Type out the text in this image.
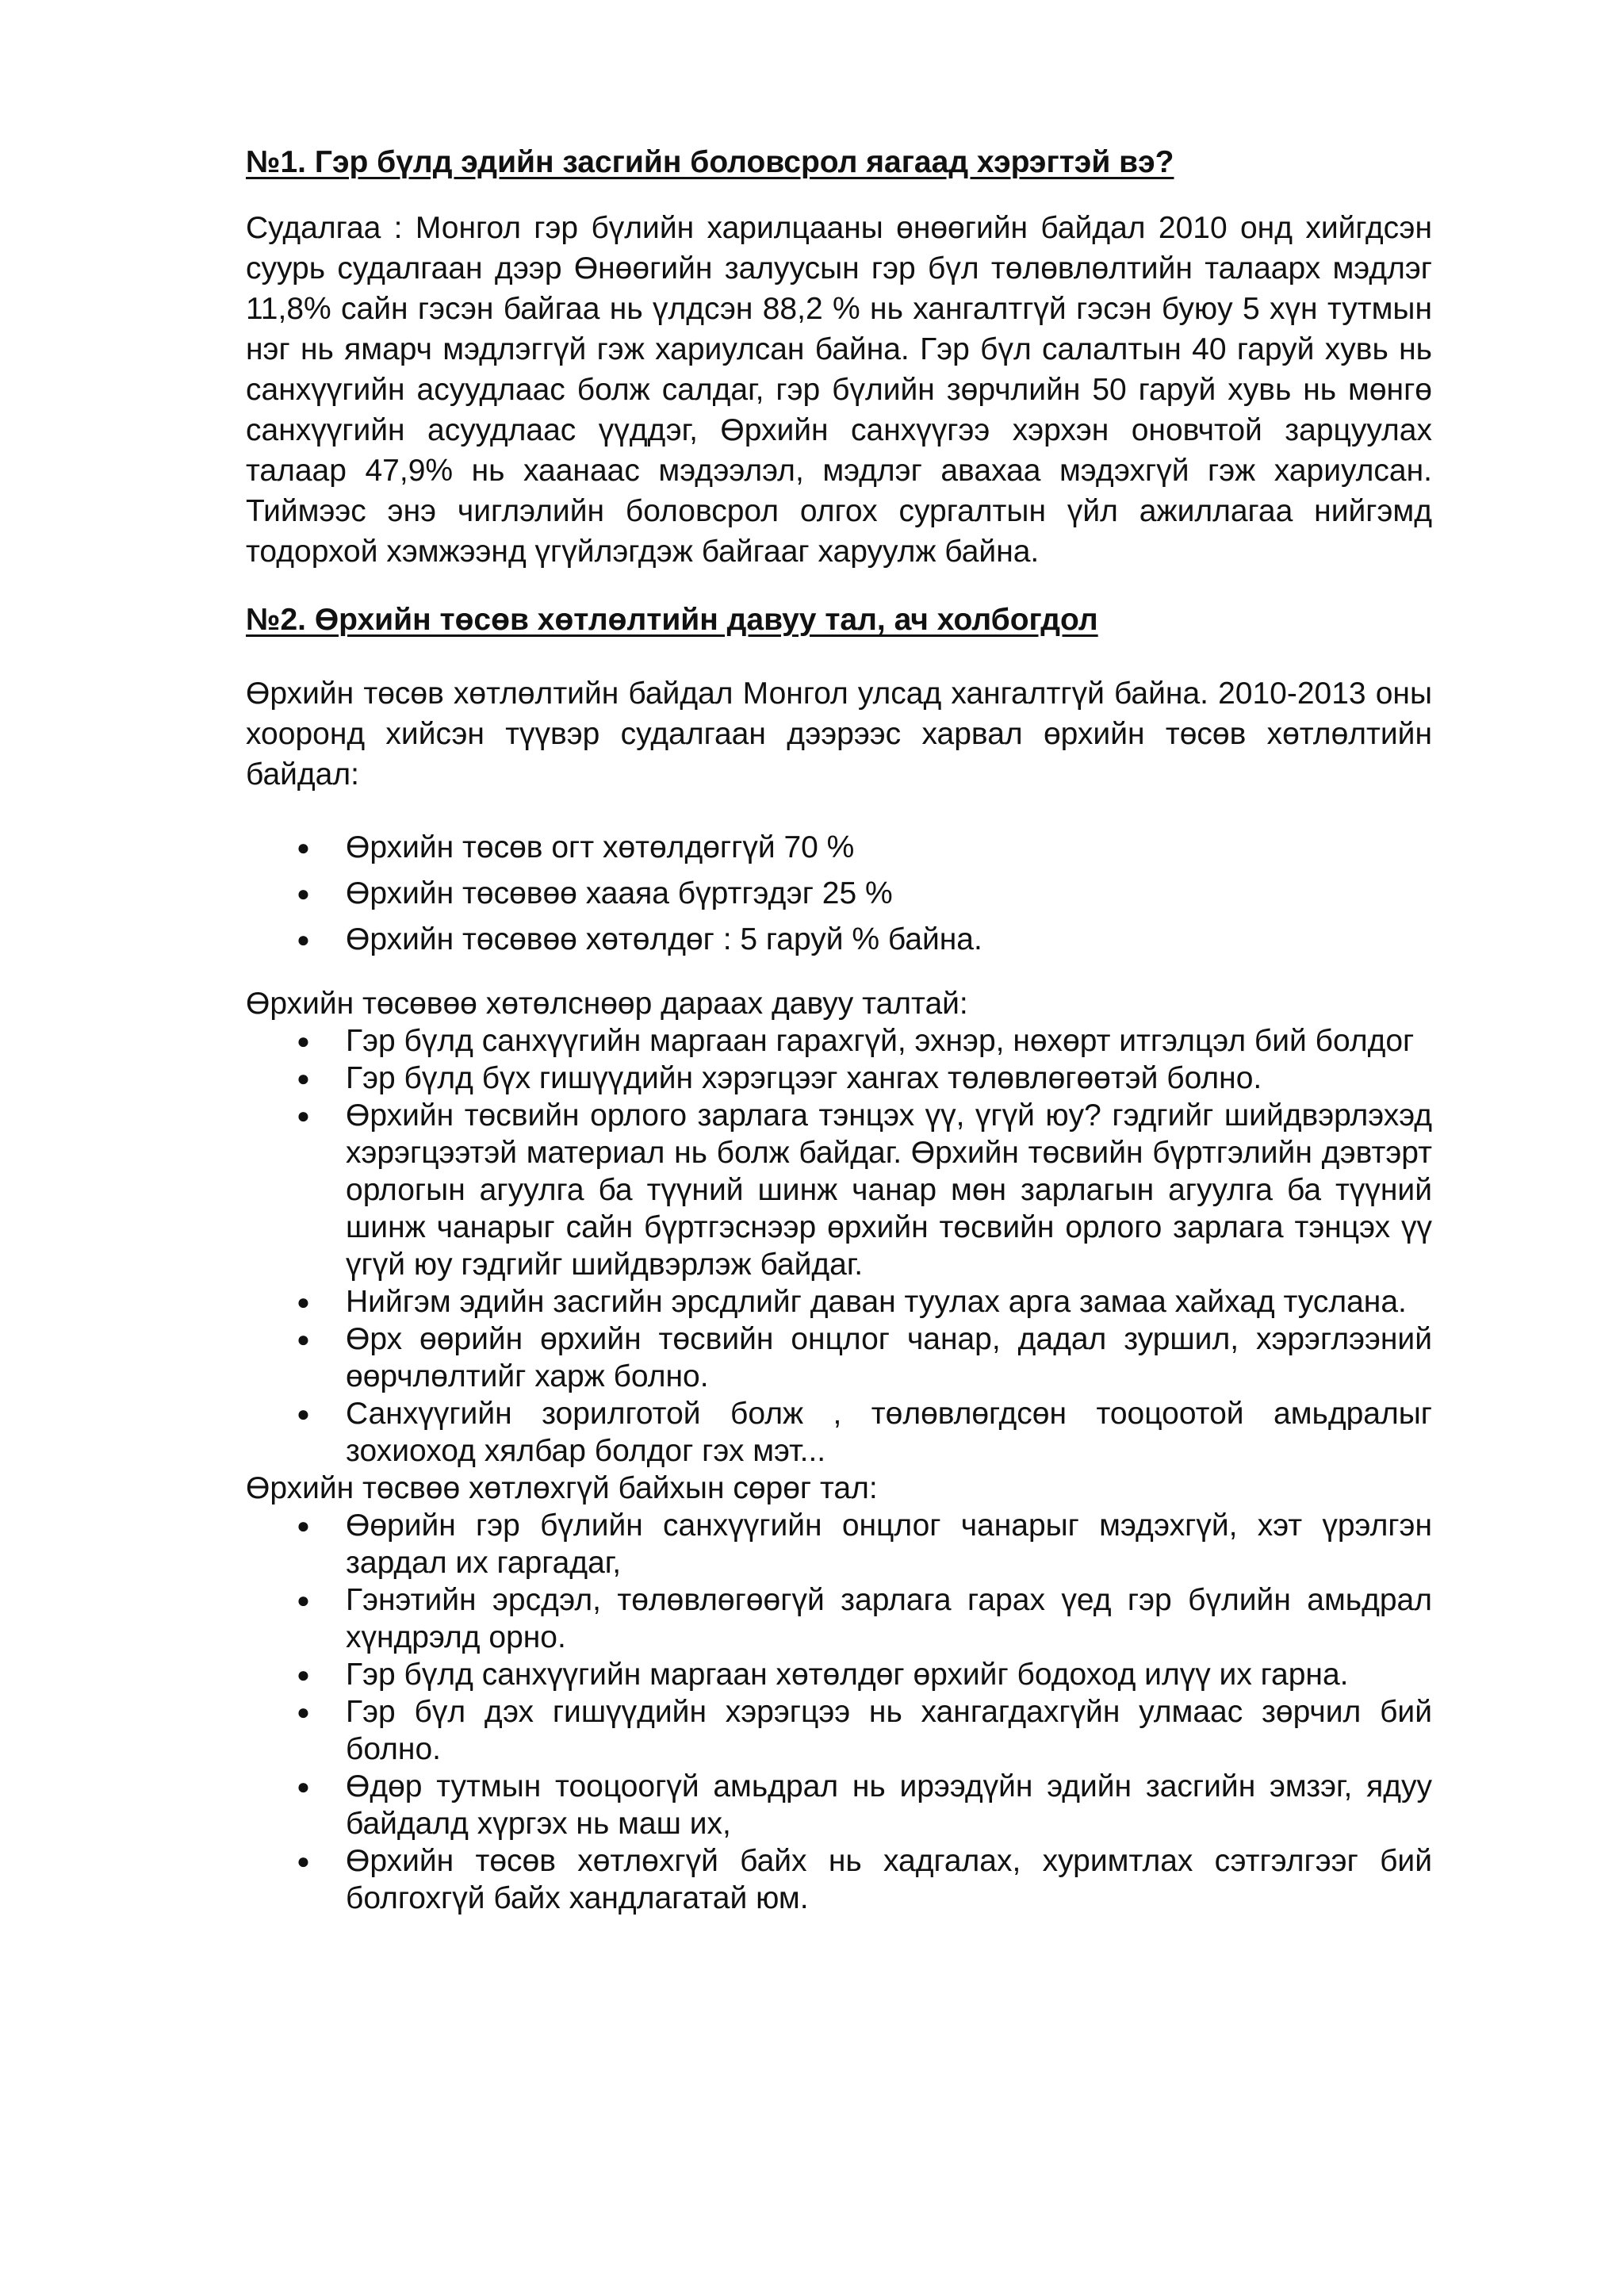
№1. Гэр бүлд эдийн засгийн боловсрол яагаад хэрэгтэй вэ?

Судалгаа : Монгол гэр бүлийн харилцааны өнөөгийн байдал 2010 онд хийгдсэн суурь судалгаан дээр Өнөөгийн залуусын гэр бүл төлөвлөлтийн талаарх мэдлэг 11,8% сайн гэсэн байгаа нь үлдсэн 88,2 % нь хангалтгүй гэсэн буюу 5 хүн тутмын нэг нь ямарч мэдлэггүй гэж хариулсан байна. Гэр бүл салалтын 40 гаруй хувь нь санхүүгийн асуудлаас болж салдаг, гэр бүлийн зөрчлийн 50 гаруй хувь нь мөнгө санхүүгийн асуудлаас үүддэг, Өрхийн санхүүгээ хэрхэн оновчтой зарцуулах талаар 47,9% нь хаанаас мэдээлэл, мэдлэг авахаа мэдэхгүй гэж хариулсан. Тиймээс энэ чиглэлийн боловсрол олгох сургалтын үйл ажиллагаа нийгэмд тодорхой хэмжээнд үгүйлэгдэж байгааг харуулж байна.

№2. Өрхийн төсөв хөтлөлтийн давуу тал, ач холбогдол

Өрхийн төсөв хөтлөлтийн байдал Монгол улсад хангалтгүй байна. 2010-2013 оны хооронд хийсэн түүвэр судалгаан дээрээс харвал өрхийн төсөв хөтлөлтийн байдал:

● Өрхийн төсөв огт хөтөлдөггүй 70 %
● Өрхийн төсөвөө хааяа бүртгэдэг 25 %
● Өрхийн төсөвөө хөтөлдөг : 5 гаруй % байна.

Өрхийн төсөвөө хөтөлснөөр дараах давуу талтай:

● Гэр бүлд санхүүгийн маргаан гарахгүй, эхнэр, нөхөрт итгэлцэл бий болдог
● Гэр бүлд бүх гишүүдийн хэрэгцээг хангах төлөвлөгөөтэй болно.
● Өрхийн төсвийн орлого зарлага тэнцэх үү, үгүй юу? гэдгийг шийдвэрлэхэд хэрэгцээтэй материал нь болж байдаг. Өрхийн төсвийн бүртгэлийн дэвтэрт орлогын агуулга ба түүний шинж чанар мөн зарлагын агуулга ба түүний шинж чанарыг сайн бүртгэснээр өрхийн төсвийн орлого зарлага тэнцэх үү үгүй юу гэдгийг шийдвэрлэж байдаг.
● Нийгэм эдийн засгийн эрсдлийг даван туулах арга замаа хайхад туслана.
● Өрх өөрийн өрхийн төсвийн онцлог чанар, дадал зуршил, хэрэглээний өөрчлөлтийг харж болно.
● Санхүүгийн зорилготой болж , төлөвлөгдсөн тооцоотой амьдралыг зохиоход хялбар болдог гэх мэт...

Өрхийн төсвөө хөтлөхгүй байхын сөрөг тал:

● Өөрийн гэр бүлийн санхүүгийн онцлог чанарыг мэдэхгүй, хэт үрэлгэн зардал их гаргадаг,
● Гэнэтийн эрсдэл, төлөвлөгөөгүй зарлага гарах үед гэр бүлийн амьдрал хүндрэлд орно.
● Гэр бүлд санхүүгийн маргаан хөтөлдөг өрхийг бодоход илүү их гарна.
● Гэр бүл дэх гишүүдийн хэрэгцээ нь хангагдахгүйн улмаас зөрчил бий болно.
● Өдөр тутмын тооцоогүй амьдрал нь ирээдүйн эдийн засгийн эмзэг, ядуу байдалд хүргэх нь маш их,
● Өрхийн төсөв хөтлөхгүй байх нь хадгалах, хуримтлах сэтгэлгээг бий болгохгүй байх хандлагатай юм.
